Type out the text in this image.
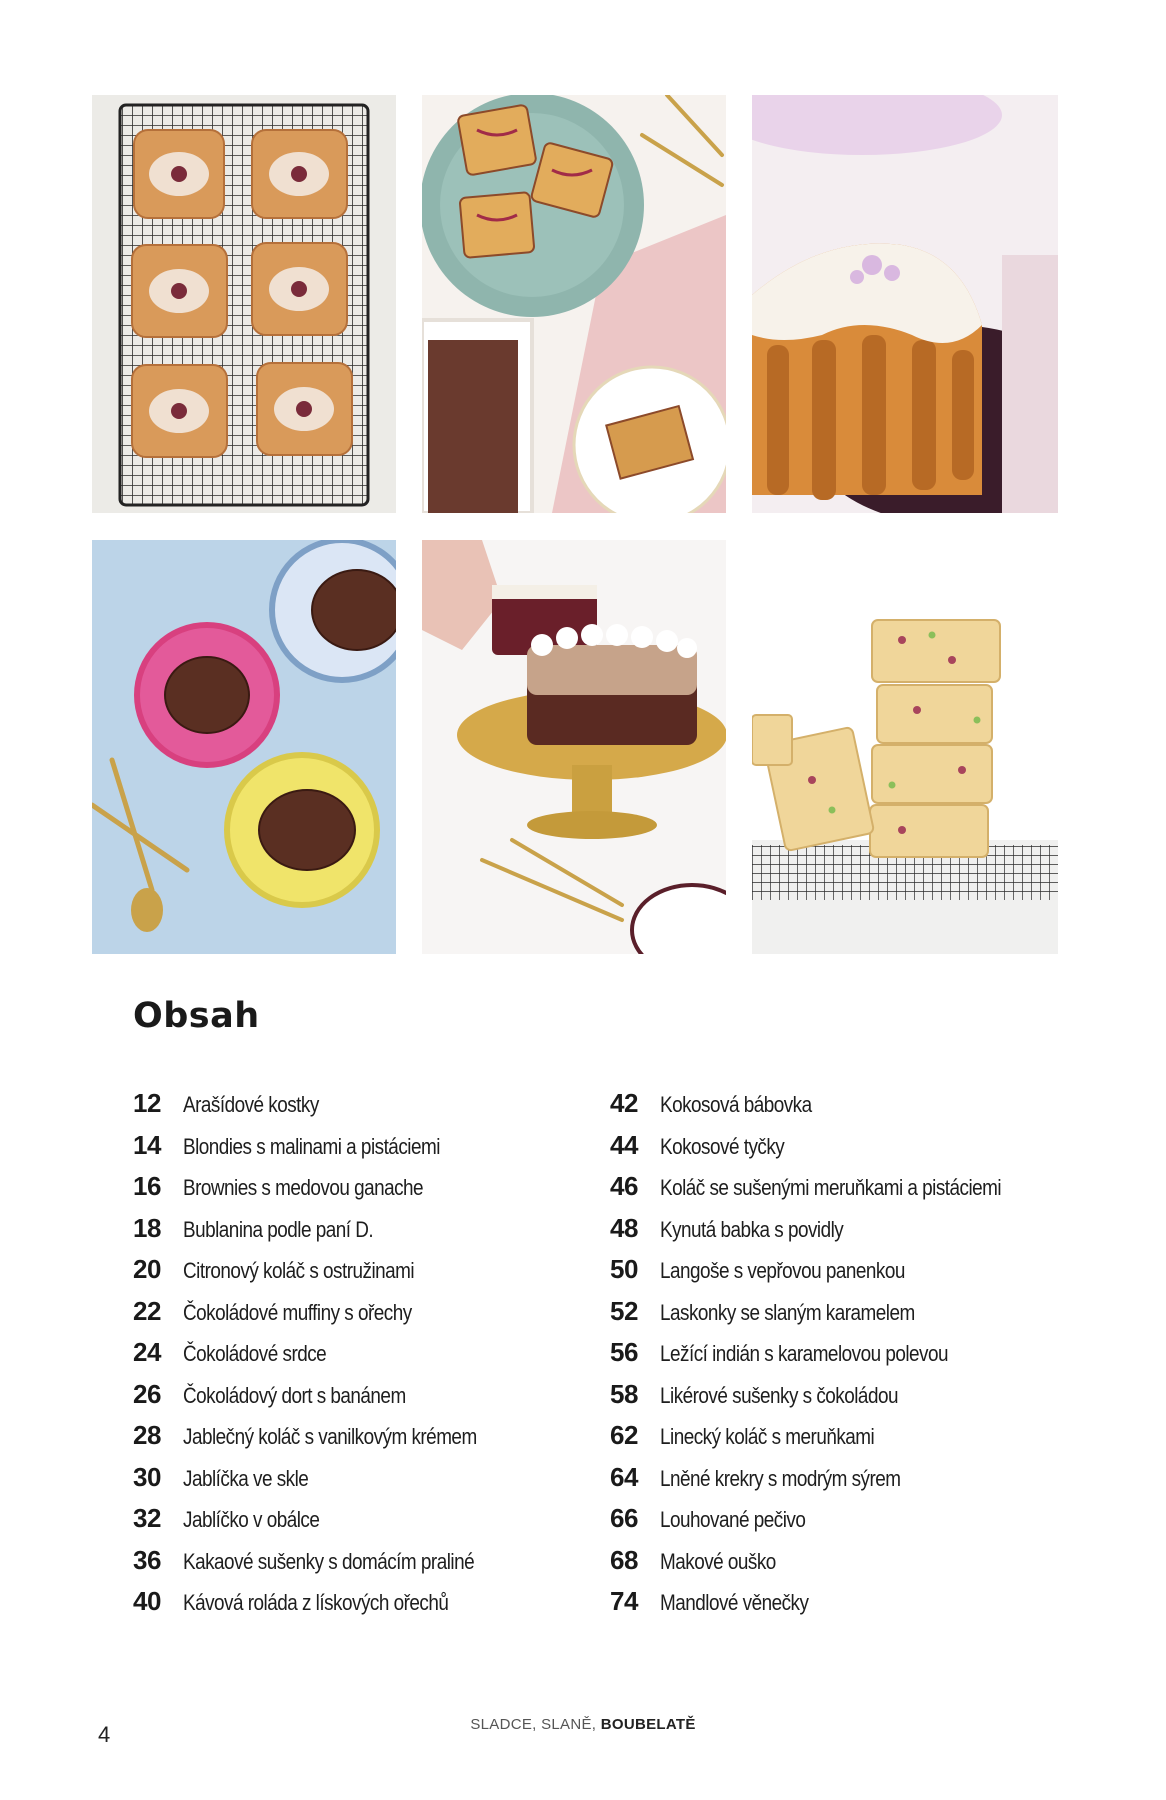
Obsah
12	Arašídové kostky
14	Blondies s malinami a pistáciemi
16	Brownies s medovou ganache
18	Bublanina podle paní D.
20	Citronový koláč s ostružinami
22	Čokoládové muffiny s ořechy
24	Čokoládové srdce
26	Čokoládový dort s banánem
28	Jablečný koláč s vanilkovým krémem
30	Jablíčka ve skle
32	Jablíčko v obálce
36	Kakaové sušenky s domácím praliné
40	Kávová roláda z lískových ořechů
42	Kokosová bábovka
44	Kokosové tyčky
46	Koláč se sušenými meruňkami a pistáciemi
48	Kynutá babka s povidly
50	Langoše s vepřovou panenkou
52	Laskonky se slaným karamelem
56	Ležící indián s karamelovou polevou
58	Likérové sušenky s čokoládou
62	Linecký koláč s meruňkami
64	Lněné krekry s modrým sýrem
66	Louhované pečivo
68	Makové ouško
74	Mandlové věnečky
4	SLADCE, SLANĚ, BOUBELATĚ
